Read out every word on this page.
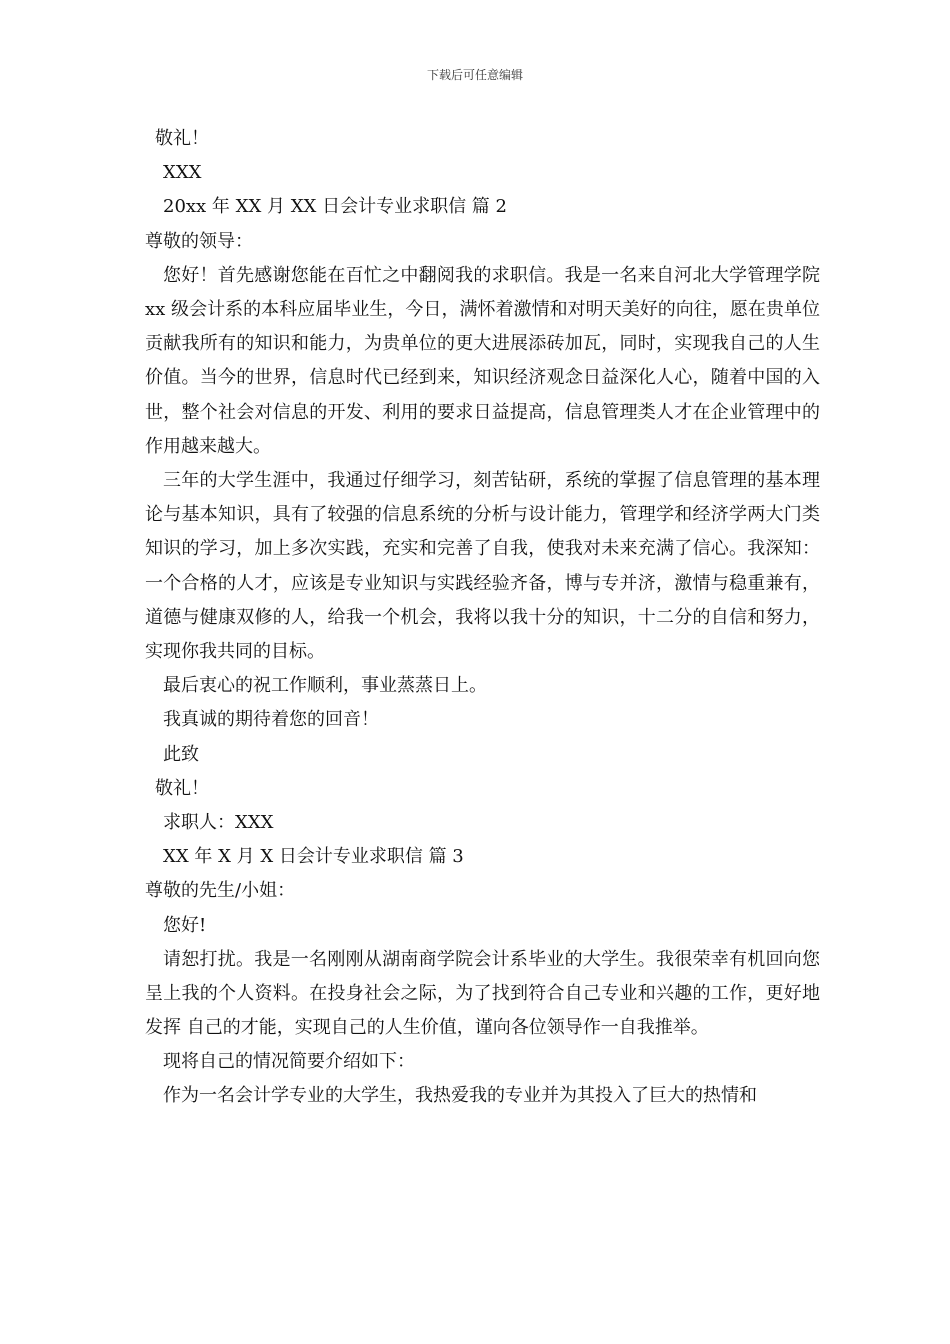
下载后可任意编辑
敬礼！
XXX
20xx 年 XX 月 XX 日会计专业求职信 篇 2
尊敬的领导：

您好！首先感谢您能在百忙之中翻阅我的求职信。我是一名来自河北大学管理学院 xx 级会计系的本科应届毕业生，今日，满怀着激情和对明天美好的向往，愿在贵单位贡献我所有的知识和能力，为贵单位的更大进展添砖加瓦，同时，实现我自己的人生价值。当今的世界，信息时代已经到来，知识经济观念日益深化人心，随着中国的入世，整个社会对信息的开发、利用的要求日益提高，信息管理类人才在企业管理中的作用越来越大。

三年的大学生涯中，我通过仔细学习，刻苦钻研，系统的掌握了信息管理的基本理论与基本知识，具有了较强的信息系统的分析与设计能力，管理学和经济学两大门类知识的学习，加上多次实践，充实和完善了自我，使我对未来充满了信心。我深知：一个合格的人才，应该是专业知识与实践经验齐备，博与专并济，激情与稳重兼有，道德与健康双修的人，给我一个机会，我将以我十分的知识，十二分的自信和努力，实现你我共同的目标。

最后衷心的祝工作顺利，事业蒸蒸日上。
我真诚的期待着您的回音！
此致
敬礼！
求职人：XXX
XX 年 X 月 X 日会计专业求职信 篇 3
尊敬的先生/小姐：
您好!

请恕打扰。我是一名刚刚从湖南商学院会计系毕业的大学生。我很荣幸有机回向您 呈上我的个人资料。在投身社会之际，为了找到符合自己专业和兴趣的工作，更好地发挥 自己的才能，实现自己的人生价值，谨向各位领导作一自我推举。

现将自己的情况简要介绍如下：
作为一名会计学专业的大学生，我热爱我的专业并为其投入了巨大的热情和
